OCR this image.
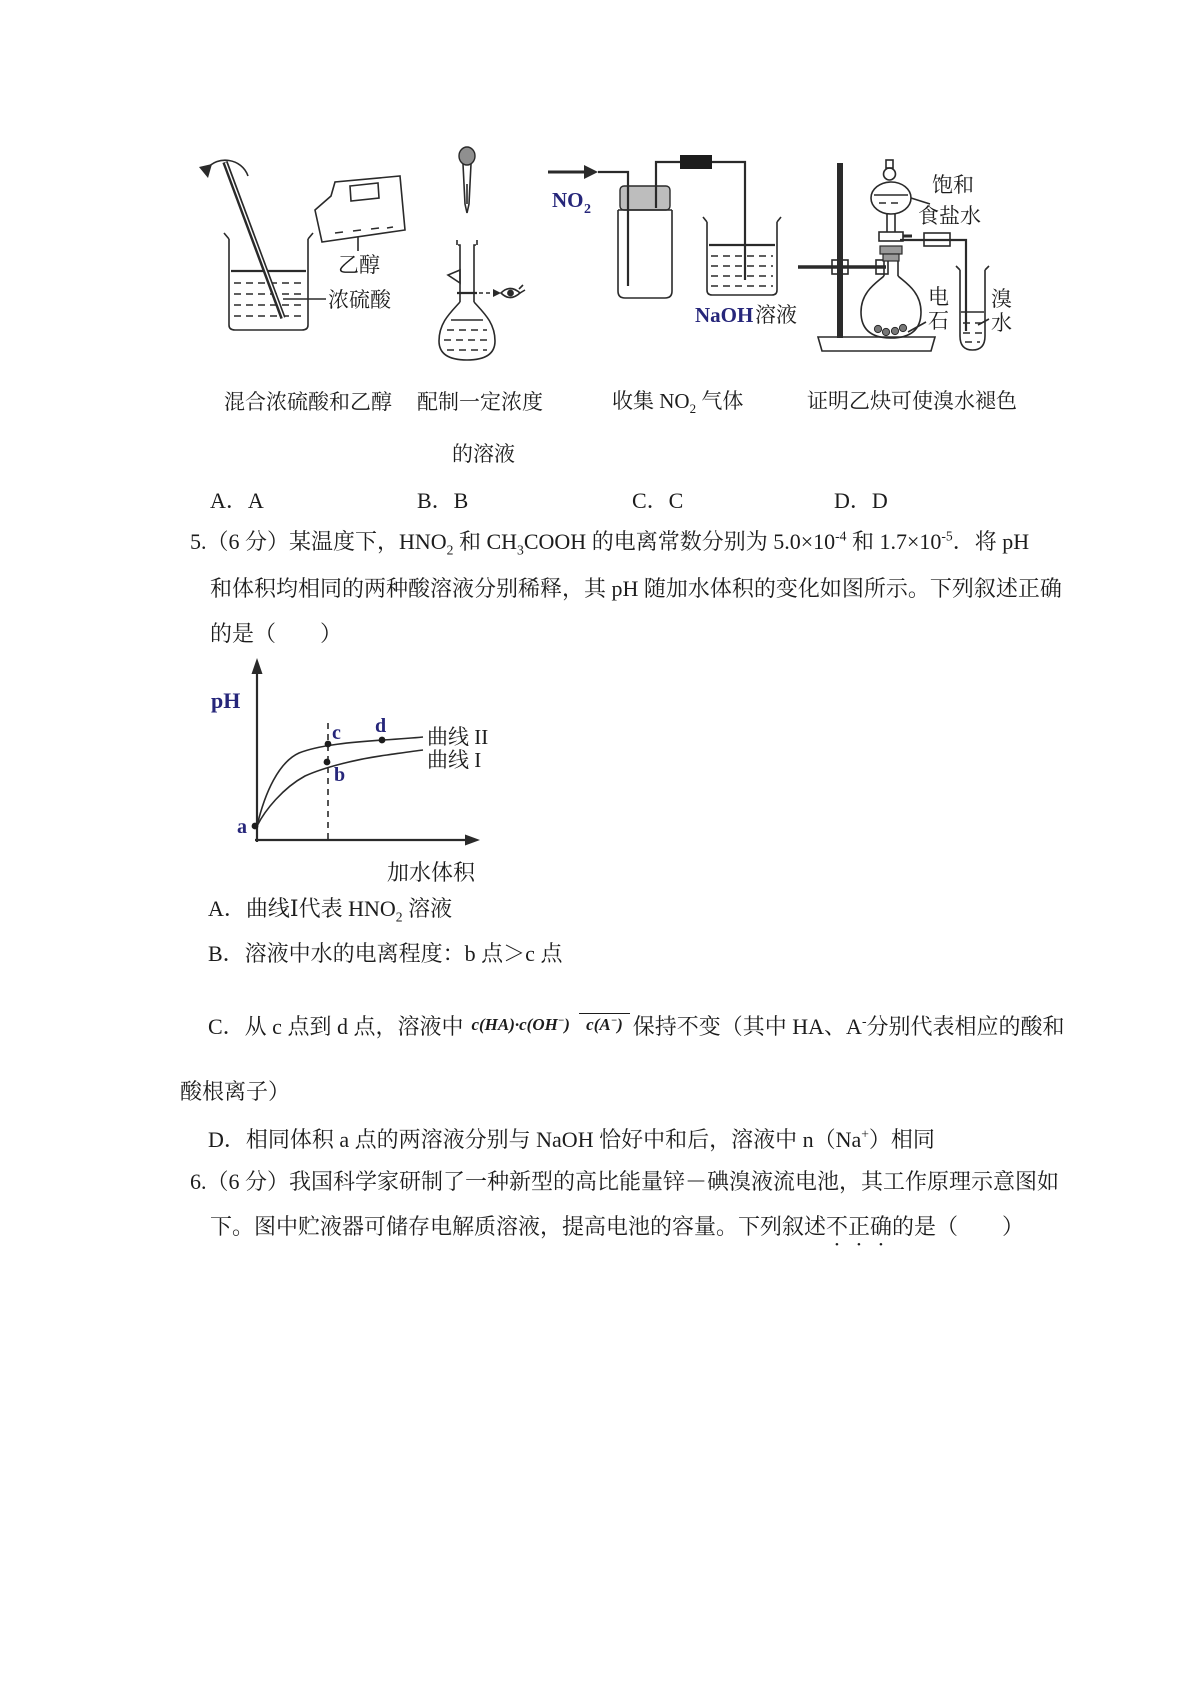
乙醇
浓硫酸
NO 2
NaOH 溶液
饱和
食盐水
电
石
溴
水
混合浓硫酸和乙醇 配制一定浓度
的溶液
收集 $NO_2$ 气体	证明乙炔可使溴水褪色
A．A	B．B	C．C	D．D
5.（6 分）某温度下，$HNO_2$ 和 $CH_3COOH$ 的电离常数分别为 $5.0\times 10^{-4}$ 和 $1.7\times 10^{-5}$．将 pH
和体积均相同的两种酸溶液分别稀释，其 pH 随加水体积的变化如图所示。下列叙述正确
的是（　　）
pH
加水体积
a
b
c d 曲线 II
曲线 I
A．曲线Ⅰ代表 $HNO_2$ 溶液
B．溶液中水的电离程度：b 点＞c 点
C．从 c 点到 d 点，溶液中 c(HA)·c(OH−) c(A−) 保持不变（其中 HA、A-分别代表相应的酸和
酸根离子）
D．相同体积 a 点的两溶液分别与 NaOH 恰好中和后，溶液中 n（Na+）相同
6.（6 分）我国科学家研制了一种新型的高比能量锌－碘溴液流电池，其工作原理示意图如
下。图中贮液器可储存电解质溶液，提高电池的容量。下列叙述不正确的是（　　）
